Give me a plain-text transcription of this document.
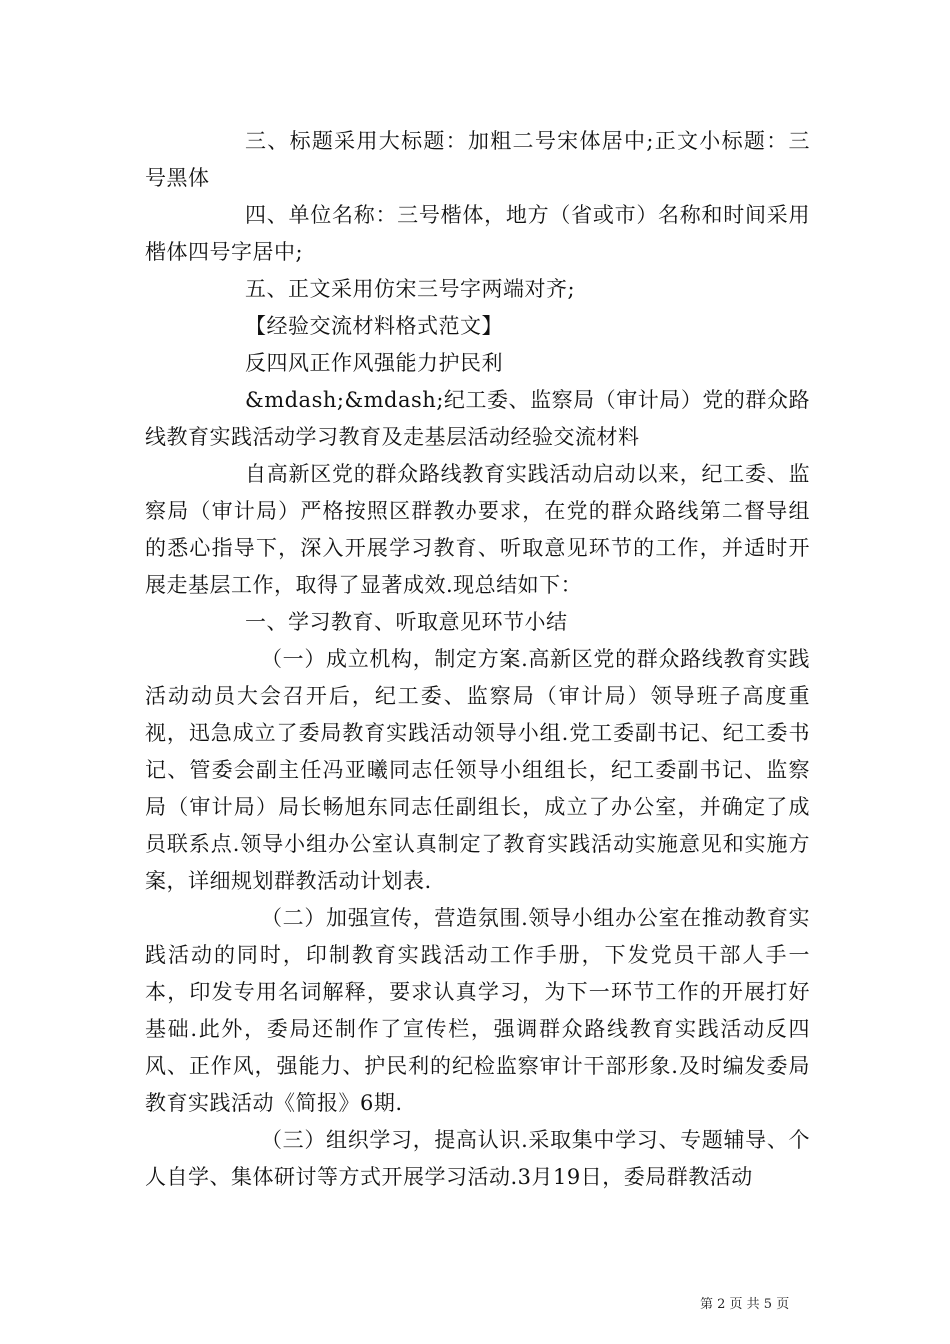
三、标题采用大标题：加粗二号宋体居中;正文小标题：三号黑体

四、单位名称：三号楷体，地方（省或市）名称和时间采用楷体四号字居中;

五、正文采用仿宋三号字两端对齐;

【经验交流材料格式范文】

反四风正作风强能力护民利

&mdash;&mdash;纪工委、监察局（审计局）党的群众路线教育实践活动学习教育及走基层活动经验交流材料

自高新区党的群众路线教育实践活动启动以来，纪工委、监察局（审计局）严格按照区群教办要求，在党的群众路线第二督导组的悉心指导下，深入开展学习教育、听取意见环节的工作，并适时开展走基层工作，取得了显著成效.现总结如下：

一、学习教育、听取意见环节小结

（一）成立机构，制定方案.高新区党的群众路线教育实践活动动员大会召开后，纪工委、监察局（审计局）领导班子高度重视，迅急成立了委局教育实践活动领导小组.党工委副书记、纪工委书记、管委会副主任冯亚曦同志任领导小组组长，纪工委副书记、监察局（审计局）局长畅旭东同志任副组长，成立了办公室，并确定了成员联系点.领导小组办公室认真制定了教育实践活动实施意见和实施方案，详细规划群教活动计划表.

（二）加强宣传，营造氛围.领导小组办公室在推动教育实践活动的同时，印制教育实践活动工作手册，下发党员干部人手一本，印发专用名词解释，要求认真学习，为下一环节工作的开展打好基础.此外，委局还制作了宣传栏，强调群众路线教育实践活动反四风、正作风，强能力、护民利的纪检监察审计干部形象.及时编发委局教育实践活动《简报》6期.

（三）组织学习，提高认识.采取集中学习、专题辅导、个人自学、集体研讨等方式开展学习活动.3月19日，委局群教活动

第 2 页 共 5 页
